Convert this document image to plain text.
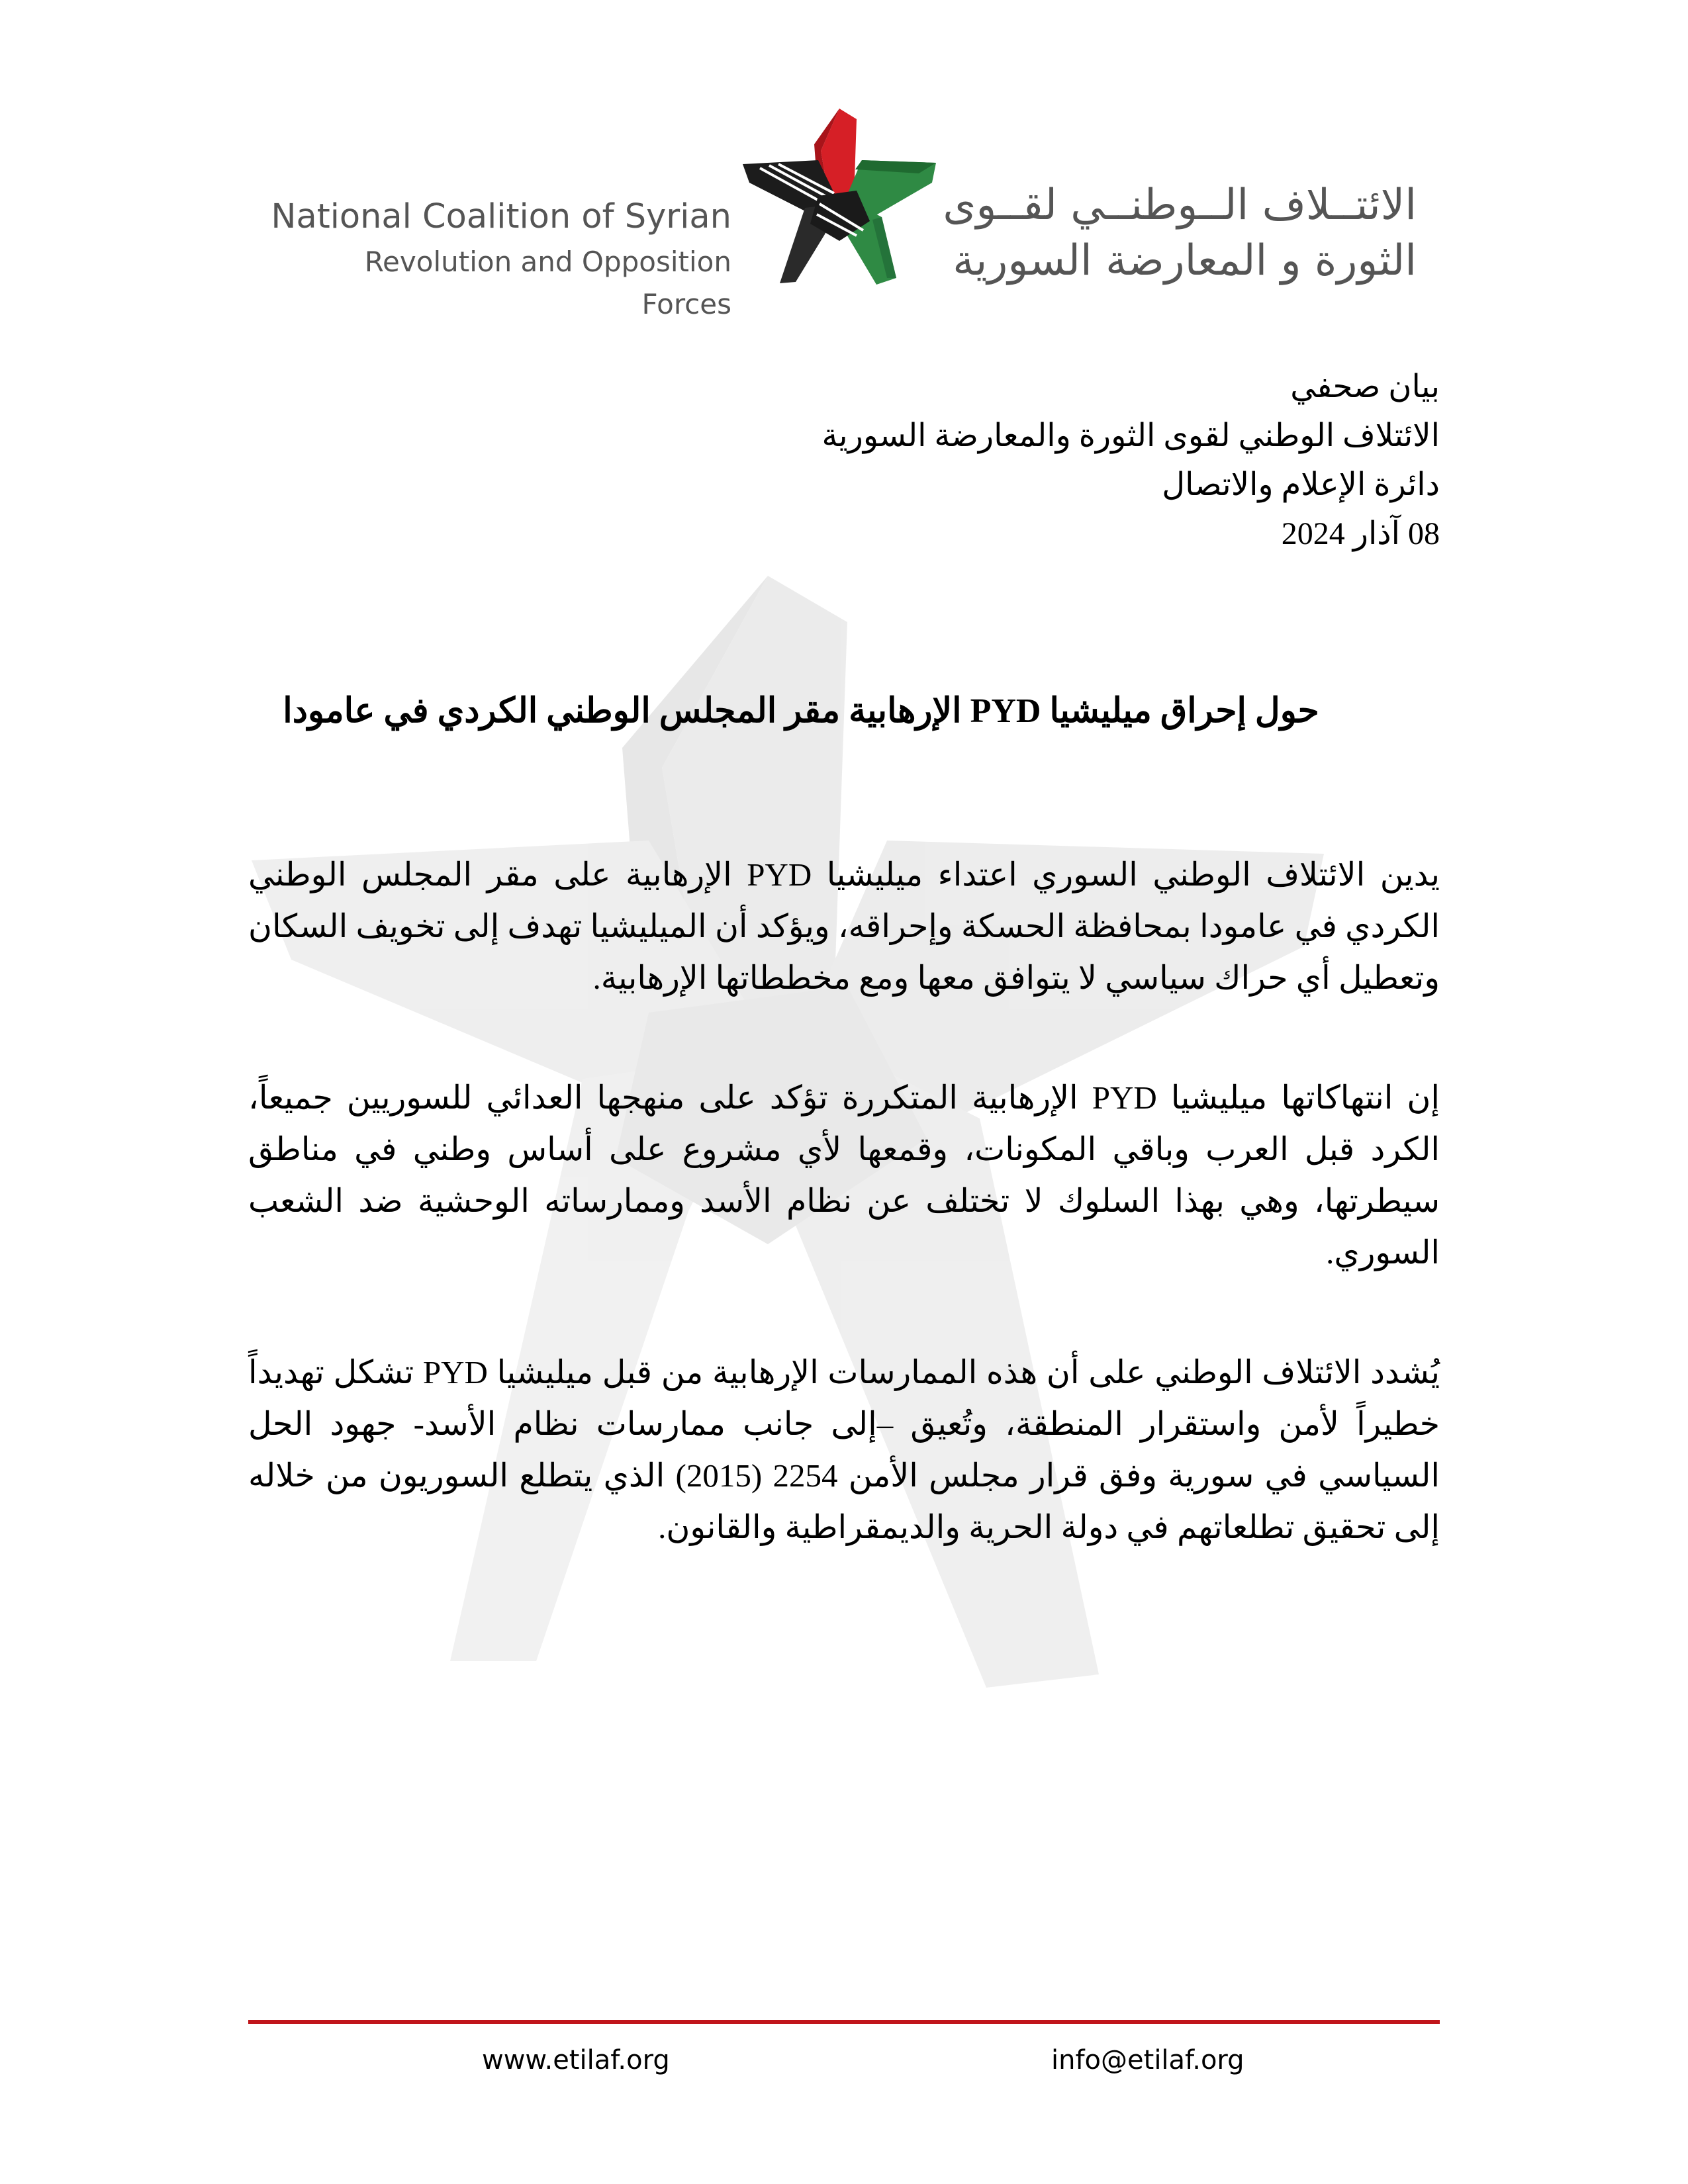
National Coalition of Syrian
Revolution and Opposition Forces
الائتــلاف الــوطنــي لقــوى
الثورة و المعارضة السورية
بيان صحفي
الائتلاف الوطني لقوى الثورة والمعارضة السورية
دائرة الإعلام والاتصال
08 آذار 2024
حول إحراق ميليشيا PYD الإرهابية مقر المجلس الوطني الكردي في عامودا
يدين الائتلاف الوطني السوري اعتداء ميليشيا PYD الإرهابية على مقر المجلس الوطني الكردي في عامودا بمحافظة الحسكة وإحراقه، ويؤكد أن الميليشيا تهدف إلى تخويف السكان وتعطيل أي حراك سياسي لا يتوافق معها ومع مخططاتها الإرهابية.
إن انتهاكاتها ميليشيا PYD الإرهابية المتكررة تؤكد على منهجها العدائي للسوريين جميعاً، الكرد قبل العرب وباقي المكونات، وقمعها لأي مشروع على أساس وطني في مناطق سيطرتها، وهي بهذا السلوك لا تختلف عن نظام الأسد وممارساته الوحشية ضد الشعب السوري.
يُشدد الائتلاف الوطني على أن هذه الممارسات الإرهابية من قبل ميليشيا PYD تشكل تهديداً خطيراً لأمن واستقرار المنطقة، وتُعيق –إلى جانب ممارسات نظام الأسد- جهود الحل السياسي في سورية وفق قرار مجلس الأمن 2254 (2015) الذي يتطلع السوريون من خلاله إلى تحقيق تطلعاتهم في دولة الحرية والديمقراطية والقانون.
www.etilaf.org	info@etilaf.org
